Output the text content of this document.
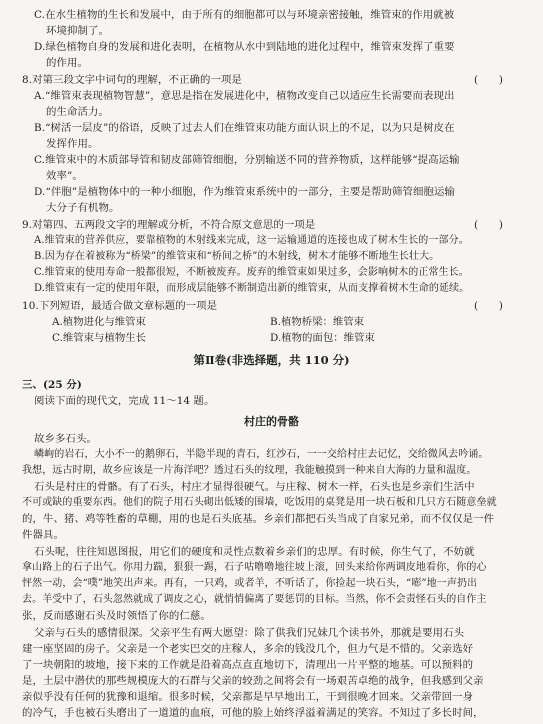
C.在水生植物的生长和发展中，由于所有的细胞都可以与环境亲密接触，维管束的作用就被
环境抑制了。
D.绿色植物自身的发展和进化表明，在植物从水中到陆地的进化过程中，维管束发挥了重要
的作用。
8.对第三段文字中词句的理解，不正确的一项是	(　　)
A.“维管束表现植物智慧”，意思是指在发展进化中，植物改变自己以适应生长需要而表现出
的生命活力。
B.“树活一层皮”的俗语，反映了过去人们在维管束功能方面认识上的不足，以为只是树皮在
发挥作用。
C.维管束中的木质部导管和韧皮部筛管细胞，分别输送不同的营养物质，这样能够“提高运输
效率”。
D.“伴胞”是植物体中的一种小细胞，作为维管束系统中的一部分，主要是帮助筛管细胞运输
大分子有机物。
9.对第四、五两段文字的理解或分析，不符合原文意思的一项是	(　　)
A.维管束的营养供应，要靠植物的木射线来完成，这一运输通道的连接也成了树木生长的一部分。
B.因为存在着被称为“桥梁”的维管束和“桥间之桥”的木射线，树木才能够不断地生长壮大。
C.维管束的使用寿命一般都很短，不断被废弃。废弃的维管束如果过多，会影响树木的正常生长。
D.维管束有一定的使用年限，而形成层能够不断制造出新的维管束，从而支撑着树木生命的延续。
10.下列短语，最适合做文章标题的一项是	(　　)
A.植物进化与维管束	B.植物桥梁：维管束
C.维管束与植物生长	D.植物的面包：维管束
第Ⅱ卷(非选择题，共 110 分)
三、(25 分)
阅读下面的现代文，完成 11～14 题。
村庄的骨骼
故乡多石头。
嶙峋的岩石，大小不一的鹅卵石，半隐半现的青石，红沙石，一一交给村庄去记忆，交给微风去吟诵。
我想，远古时期，故乡应该是一片海洋吧？透过石头的纹理，我能触摸到一种来自大海的力量和温度。
石头是村庄的骨骼。有了石头，村庄才显得很硬气。与庄稼、树木一样，石头也是乡亲们生活中
不可或缺的重要东西。他们的院子用石头砌出低矮的围墙，吃饭用的桌凳是用一块石板和几只方石随意垒就
的，牛、猪、鸡等牲畜的草棚，用的也是石头底基。乡亲们都把石头当成了自家兄弟，而不仅仅是一件
件器具。
石头呢，往往知恩图报，用它们的硬度和灵性点数着乡亲们的忠厚。有时候，你生气了，不妨就
拿山路上的石子出气。你用力踹，狠狠一踢，石子咕噜噜地往坡上滚，回头来给你两调皮地看你，你的心
怦然一动，会“噗”地笑出声来。再有，一只鸡，或者羊，不听话了，你捡起一块石头，“嘭”地一声扔出
去。羊受中了，石头忽然就成了调皮之心，就悄悄偏离了要惩罚的目标。当然，你不会责怪石头的自作主
张，反而感谢石头及时领悟了你的仁慈。
父亲与石头的感情很深。父亲平生有两大愿望：除了供我们兄妹几个读书外，那就是要用石头
建一座坚固的房子。父亲是一个老实巴交的庄稼人，多余的钱没几个，但力气是不惜的。父亲选好
了一块朝阳的坡地，接下来的工作就是沿着高点直直地切下，清理出一片平整的地基。可以预料的
是，土层中潜伏的那些规模庞大的石群与父亲的较劲之间将会有一场艰苦卓绝的战争，但我感到父亲
亲似乎没有任何的犹豫和退缩。很多时候，父亲都是早早地出工，干到很晚才回来。父亲带回一身
的冷气，手也被石头磨出了一道道的血痕，可他的脸上始终浮溢着满足的笑容。不知过了多长时间，
